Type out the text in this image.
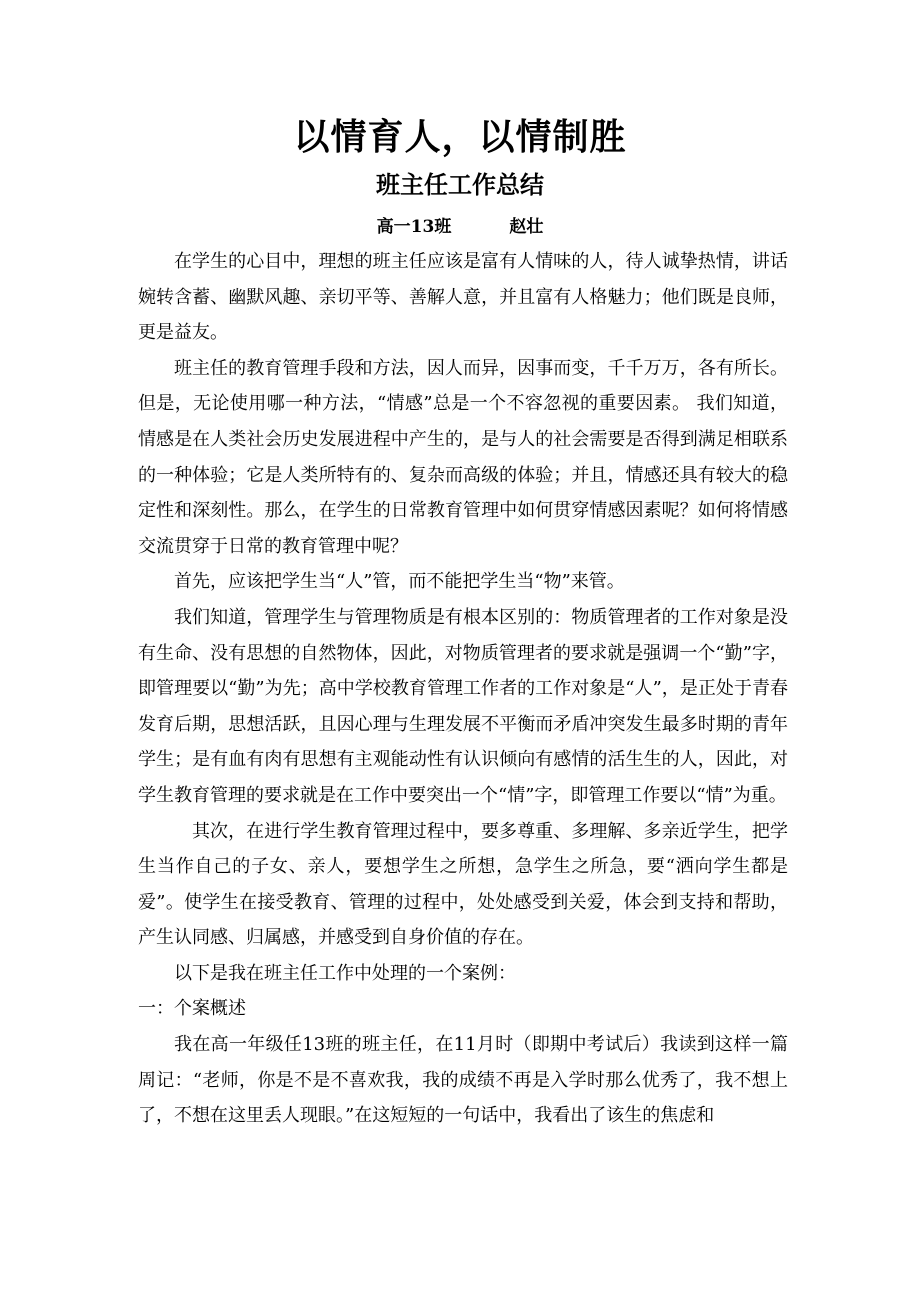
以情育人，以情制胜
班主任工作总结
高一13班	赵壮

在学生的心目中，理想的班主任应该是富有人情味的人，待人诚挚热情，讲话婉转含蓄、幽默风趣、亲切平等、善解人意，并且富有人格魅力；他们既是良师，更是益友。

班主任的教育管理手段和方法，因人而异，因事而变，千千万万，各有所长。但是，无论使用哪一种方法，“情感”总是一个不容忽视的重要因素。 我们知道，情感是在人类社会历史发展进程中产生的，是与人的社会需要是否得到满足相联系的一种体验；它是人类所特有的、复杂而高级的体验；并且，情感还具有较大的稳定性和深刻性。那么，在学生的日常教育管理中如何贯穿情感因素呢？如何将情感交流贯穿于日常的教育管理中呢？

首先，应该把学生当“人”管，而不能把学生当“物”来管。

我们知道，管理学生与管理物质是有根本区别的：物质管理者的工作对象是没有生命、没有思想的自然物体，因此，对物质管理者的要求就是强调一个“勤”字，即管理要以“勤”为先；高中学校教育管理工作者的工作对象是“人”，是正处于青春发育后期，思想活跃，且因心理与生理发展不平衡而矛盾冲突发生最多时期的青年学生；是有血有肉有思想有主观能动性有认识倾向有感情的活生生的人，因此，对学生教育管理的要求就是在工作中要突出一个“情”字，即管理工作要以“情”为重。

其次，在进行学生教育管理过程中，要多尊重、多理解、多亲近学生，把学生当作自己的子女、亲人，要想学生之所想，急学生之所急，要“洒向学生都是爱”。使学生在接受教育、管理的过程中，处处感受到关爱，体会到支持和帮助，产生认同感、归属感，并感受到自身价值的存在。

以下是我在班主任工作中处理的一个案例：

一：个案概述

我在高一年级任13班的班主任，在11月时（即期中考试后）我读到这样一篇周记：“老师，你是不是不喜欢我，我的成绩不再是入学时那么优秀了，我不想上了，不想在这里丢人现眼。”在这短短的一句话中，我看出了该生的焦虑和
